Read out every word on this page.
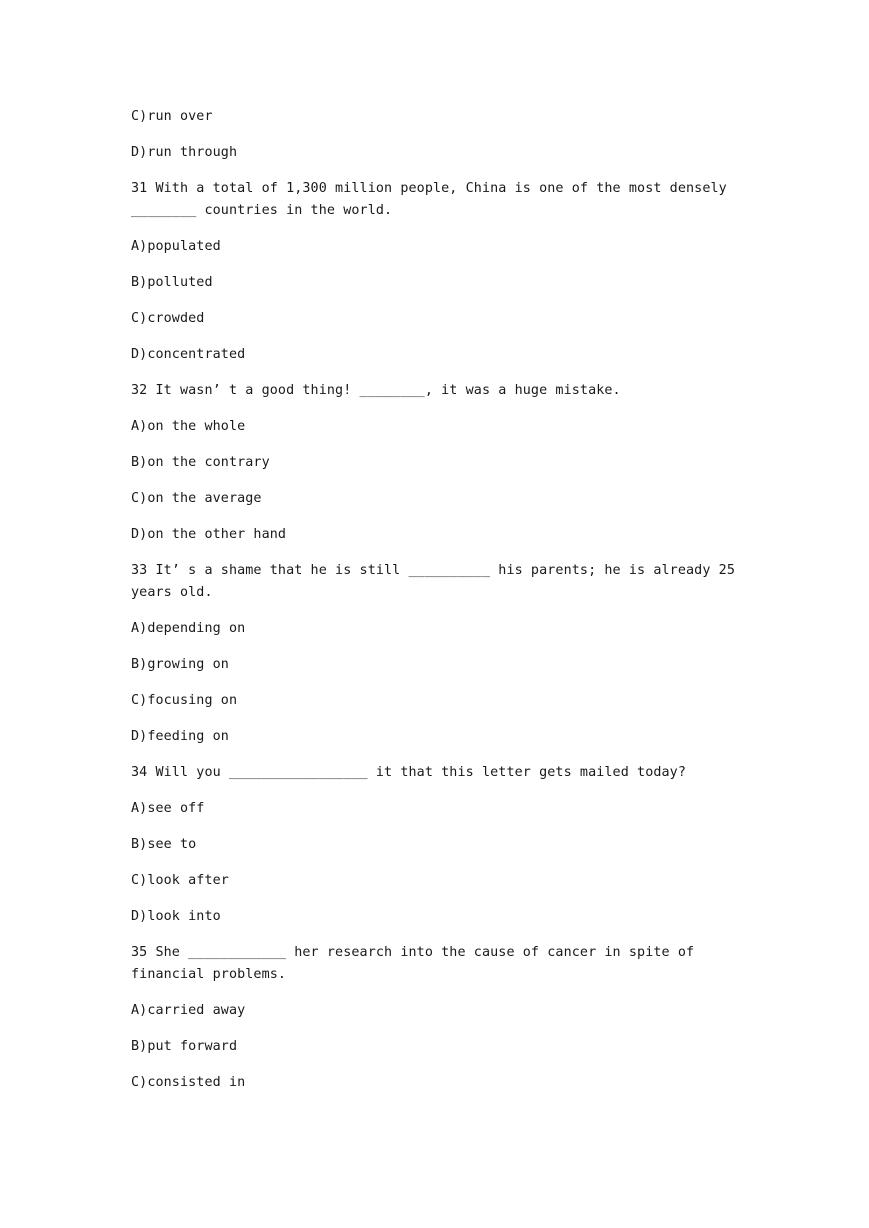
C)run over

D)run through

31 With a total of 1,300 million people, China is one of the most densely ________ countries in the world.

A)populated

B)polluted

C)crowded

D)concentrated

32 It wasn’ t a good thing! ________, it was a huge mistake.

A)on the whole

B)on the contrary

C)on the average

D)on the other hand

33 It’ s a shame that he is still __________ his parents; he is already 25 years old.

A)depending on

B)growing on

C)focusing on

D)feeding on

34 Will you _________________ it that this letter gets mailed today?

A)see off

B)see to

C)look after

D)look into

35 She ____________ her research into the cause of cancer in spite of financial problems.

A)carried away

B)put forward

C)consisted in
